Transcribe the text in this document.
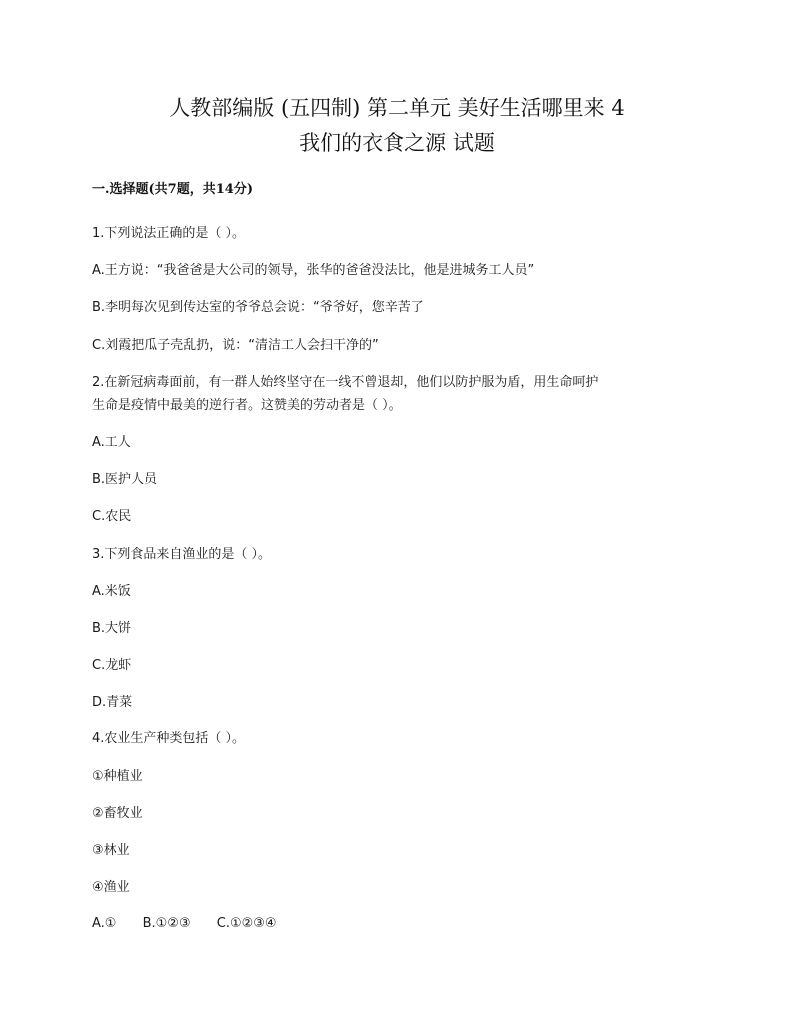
人教部编版 (五四制) 第二单元 美好生活哪里来 4
我们的衣食之源 试题
一.选择题(共7题，共14分)
1.下列说法正确的是（ ）。
A.王方说：“我爸爸是大公司的领导，张华的爸爸没法比，他是进城务工人员”
B.李明每次见到传达室的爷爷总会说：“爷爷好，您辛苦了
C.刘霞把瓜子壳乱扔，说：“清洁工人会扫干净的”
2.在新冠病毒面前，有一群人始终坚守在一线不曾退却，他们以防护服为盾，用生命呵护
生命是疫情中最美的逆行者。这赞美的劳动者是（ ）。
A.工人
B.医护人员
C.农民
3.下列食品来自渔业的是（ ）。
A.米饭
B.大饼
C.龙虾
D.青菜
4.农业生产种类包括（ ）。
①种植业
②畜牧业
③林业
④渔业
A.① B.①②③ C.①②③④
